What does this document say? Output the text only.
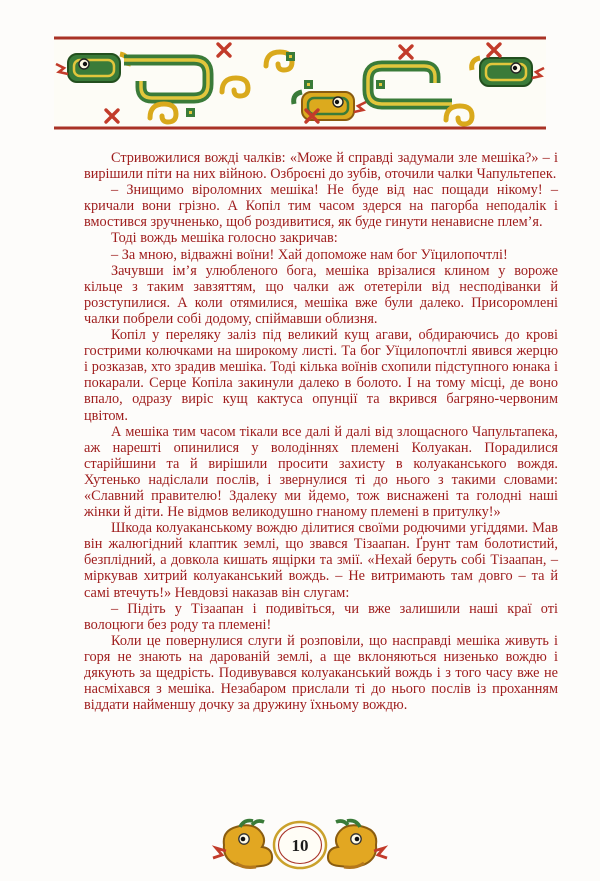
Стривожилися вожді чалків: «Може й справді задумали зле мешіка?» – і вирішили піти на них війною. Озброєні до зубів, оточили чалки Чапультепек.

– Знищимо віроломних мешіка! Не буде від нас пощади нікому! – кричали вони грізно. А Копіл тим часом здерся на пагорба неподалік і вмостився зручненько, щоб роздивитися, як буде гинути ненависне плем’я.

Тоді вождь мешіка голосно закричав:

– За мною, відважні воїни! Хай допоможе нам бог Уїцилопочтлі!

Зачувши ім’я улюбленого бога, мешіка врізалися клином у вороже кільце з таким завзяттям, що чалки аж отетеріли від несподіванки й розступилися. А коли отямилися, мешіка вже були далеко. Присоромлені чалки побрели собі додому, спіймавши облизня.

Копіл у переляку заліз під великий кущ агави, обдираючись до крові гострими колючками на широкому листі. Та бог Уїцилопочтлі явився жерцю і розказав, хто зрадив мешіка. Тоді кілька воїнів схопили підступного юнака і покарали. Серце Копіла закинули далеко в болото. І на тому місці, де воно впало, одразу виріс кущ кактуса опунції та вкрився багряно-червоним цвітом.

А мешіка тим часом тікали все далі й далі від злощасного Чапультапека, аж нарешті опинилися у володіннях племені Колуакан. Порадилися старійшини та й вирішили просити захисту в колуаканського вождя. Хутенько надіслали послів, і звернулися ті до нього з такими словами: «Славний правителю! Здалеку ми йдемо, тож виснажені та голодні наші жінки й діти. Не відмов великодушно гнаному племені в притулку!»

Шкода колуаканському вождю ділитися своїми родючими угіддями. Мав він жалюгідний клаптик землі, що звався Тізаапан. Ґрунт там болотистий, безплідний, а довкола кишать ящірки та змії. «Нехай беруть собі Тізаапан, – міркував хитрий колуаканський вождь. – Не витримають там довго – та й самі втечуть!» Невдовзі наказав він слугам:

– Підіть у Тізаапан і подивіться, чи вже залишили наші краї оті волоцюги без роду та племені!

Коли це повернулися слуги й розповіли, що насправді мешіка живуть і горя не знають на дарованій землі, а ще вклоняються низенько вождю і дякують за щедрість. Подивувався колуаканський вождь і з того часу вже не насміхався з мешіка. Незабаром прислали ті до нього послів із проханням віддати найменшу дочку за дружину їхньому вождю.

10
